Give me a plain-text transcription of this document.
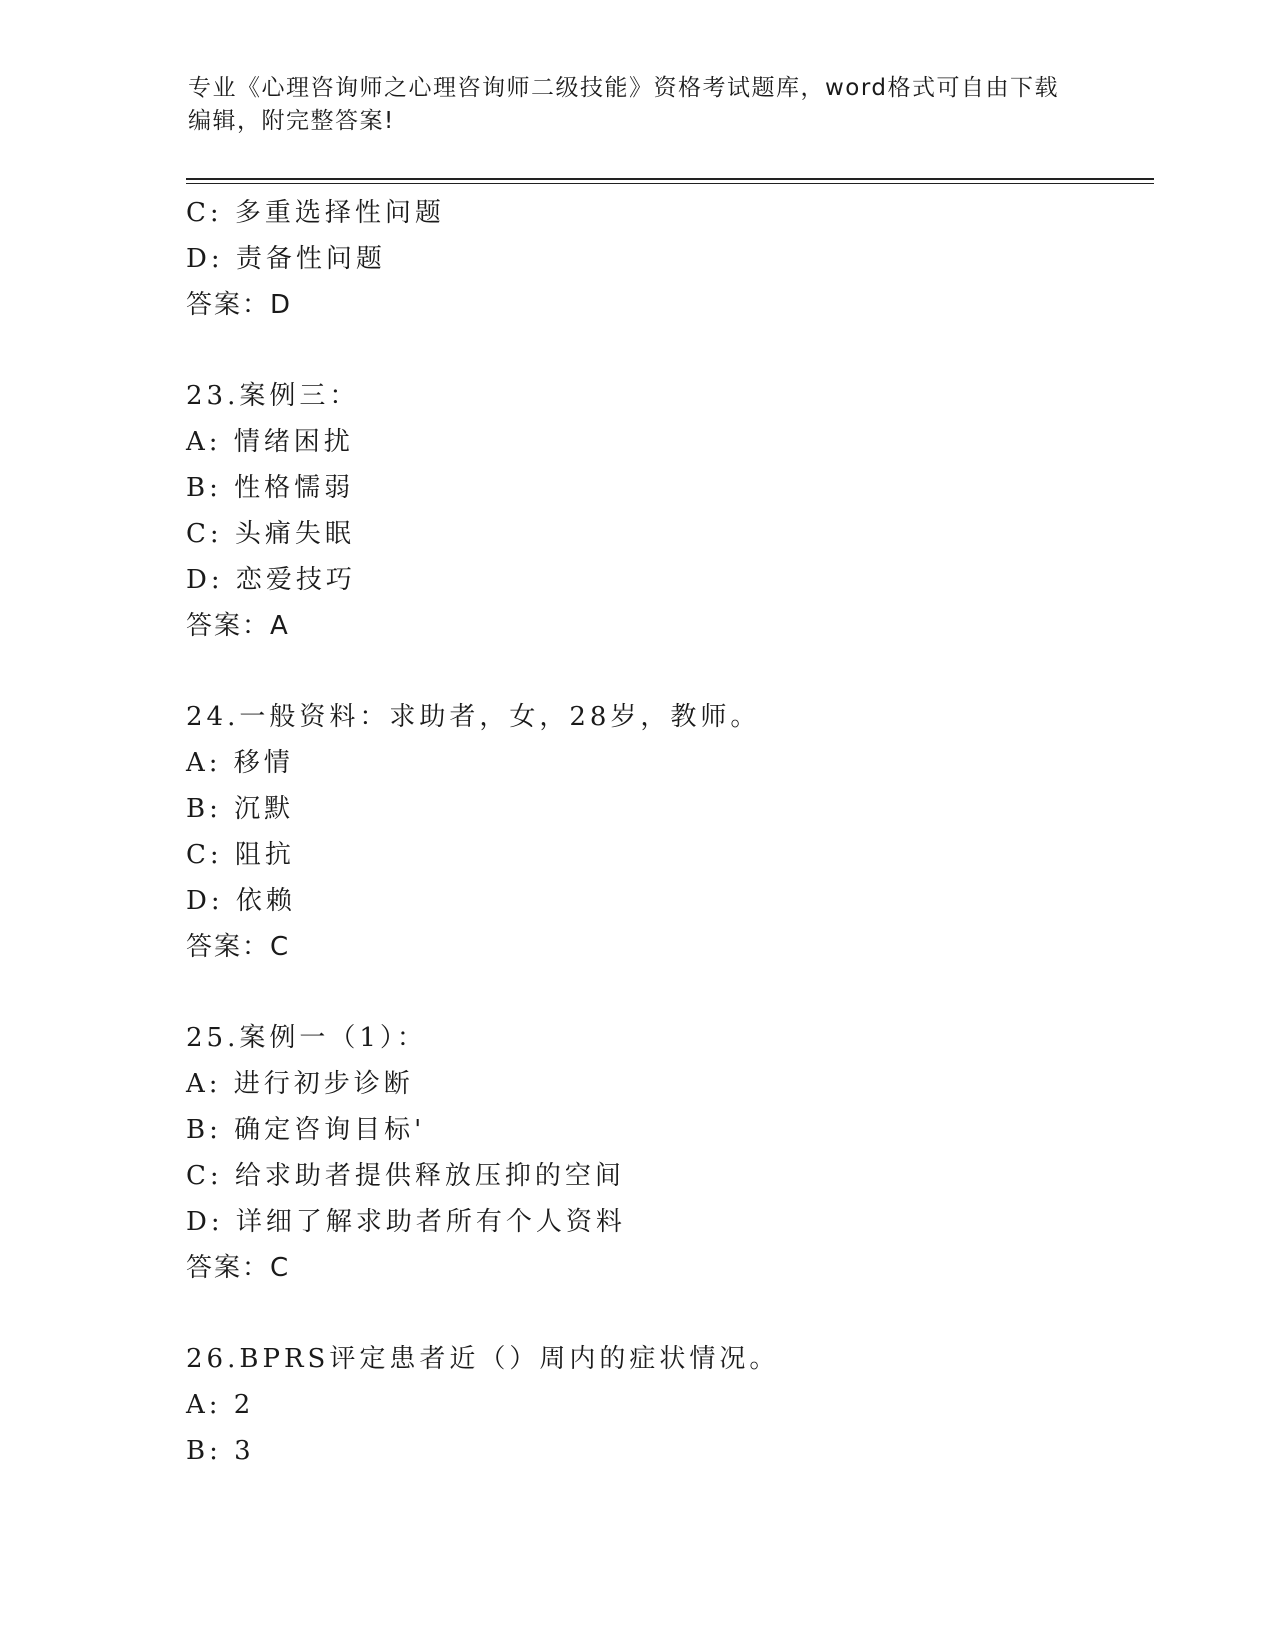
专业《心理咨询师之心理咨询师二级技能》资格考试题库，word格式可自由下载
编辑，附完整答案!
C: 多重选择性问题
D: 责备性问题
答案：D
23.案例三：
A: 情绪困扰
B: 性格懦弱
C: 头痛失眠
D: 恋爱技巧
答案：A
24.一般资料：求助者，女，28岁，教师。
A: 移情
B: 沉默
C: 阻抗
D: 依赖
答案：C
25.案例一（1）：
A: 进行初步诊断
B: 确定咨询目标'
C: 给求助者提供释放压抑的空间
D: 详细了解求助者所有个人资料
答案：C
26.BPRS评定患者近（）周内的症状情况。
A: 2
B: 3
